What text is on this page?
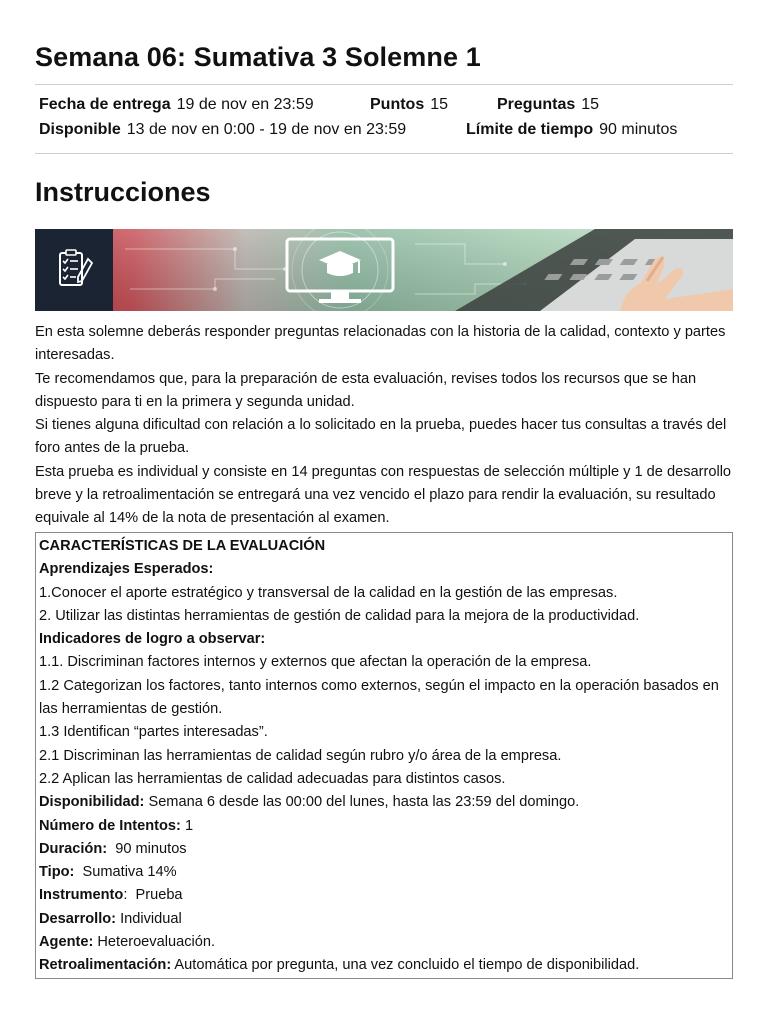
Semana 06: Sumativa 3 Solemne 1
Fecha de entrega 19 de nov en 23:59	Puntos 15	Preguntas 15
Disponible 13 de nov en 0:00 - 19 de nov en 23:59	Límite de tiempo 90 minutos
Instrucciones

En esta solemne deberás responder preguntas relacionadas con la historia de la calidad, contexto y partes interesadas.

Te recomendamos que, para la preparación de esta evaluación, revises todos los recursos que se han dispuesto para ti en la primera y segunda unidad.

Si tienes alguna dificultad con relación a lo solicitado en la prueba, puedes hacer tus consultas a través del foro antes de la prueba.

Esta prueba es individual y consiste en 14 preguntas con respuestas de selección múltiple y 1 de desarrollo breve y la retroalimentación se entregará una vez vencido el plazo para rendir la evaluación, su resultado equivale al 14% de la nota de presentación al examen.

CARACTERÍSTICAS DE LA EVALUACIÓN
Aprendizajes Esperados:
1.Conocer el aporte estratégico y transversal de la calidad en la gestión de las empresas.
2. Utilizar las distintas herramientas de gestión de calidad para la mejora de la productividad.
Indicadores de logro a observar:
1.1. Discriminan factores internos y externos que afectan la operación de la empresa.
1.2 Categorizan los factores, tanto internos como externos, según el impacto en la operación basados en las herramientas de gestión.
1.3 Identifican “partes interesadas”.
2.1 Discriminan las herramientas de calidad según rubro y/o área de la empresa.
2.2 Aplican las herramientas de calidad adecuadas para distintos casos.
Disponibilidad: Semana 6 desde las 00:00 del lunes, hasta las 23:59 del domingo.
Número de Intentos: 1
Duración:  90 minutos
Tipo:  Sumativa 14%
Instrumento:  Prueba
Desarrollo: Individual
Agente: Heteroevaluación.
Retroalimentación: Automática por pregunta, una vez concluido el tiempo de disponibilidad.
